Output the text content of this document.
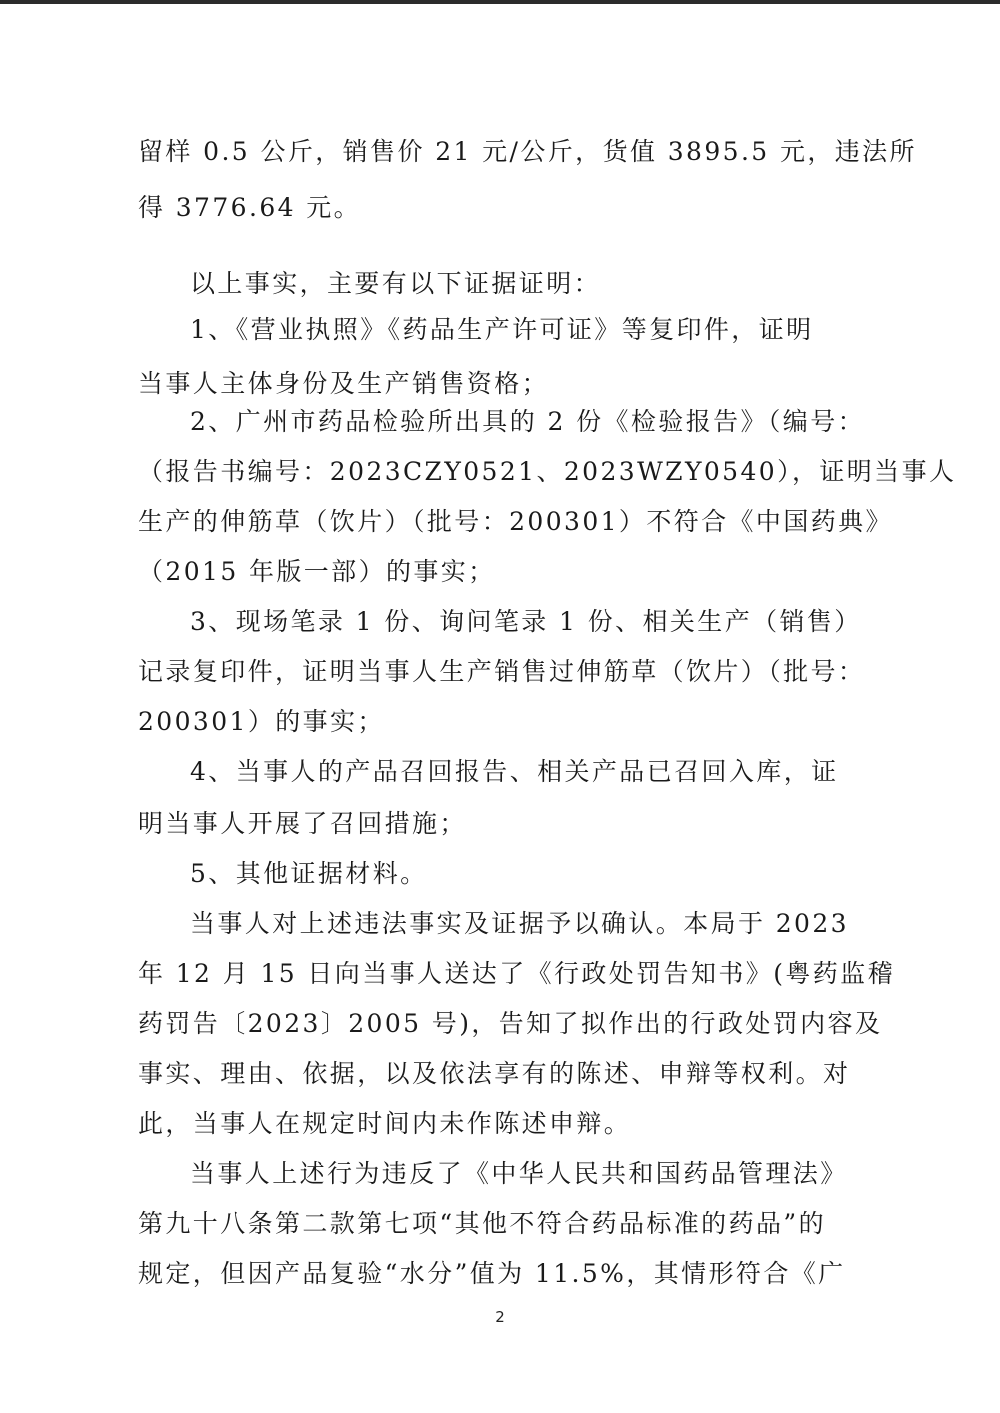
留样 0.5 公斤，销售价 21 元/公斤，货值 3895.5 元，违法所
得 3776.64 元。
以上事实，主要有以下证据证明：
1、《营业执照》《药品生产许可证》等复印件，证明
当事人主体身份及生产销售资格；
2、广州市药品检验所出具的 2 份《检验报告》（编号：
（报告书编号：2023CZY0521、2023WZY0540），证明当事人
生产的伸筋草（饮片）（批号：200301）不符合《中国药典》
（2015 年版一部）的事实；
3、现场笔录 1 份、询问笔录 1 份、相关生产（销售）
记录复印件，证明当事人生产销售过伸筋草（饮片）（批号：
200301）的事实；
4、当事人的产品召回报告、相关产品已召回入库，证
明当事人开展了召回措施；
5、其他证据材料。
当事人对上述违法事实及证据予以确认。本局于 2023
年 12 月 15 日向当事人送达了《行政处罚告知书》(粤药监稽
药罚告〔2023〕2005 号)，告知了拟作出的行政处罚内容及
事实、理由、依据，以及依法享有的陈述、申辩等权利。对
此，当事人在规定时间内未作陈述申辩。
当事人上述行为违反了《中华人民共和国药品管理法》
第九十八条第二款第七项“其他不符合药品标准的药品”的
规定，但因产品复验“水分”值为 11.5%，其情形符合《广
2
